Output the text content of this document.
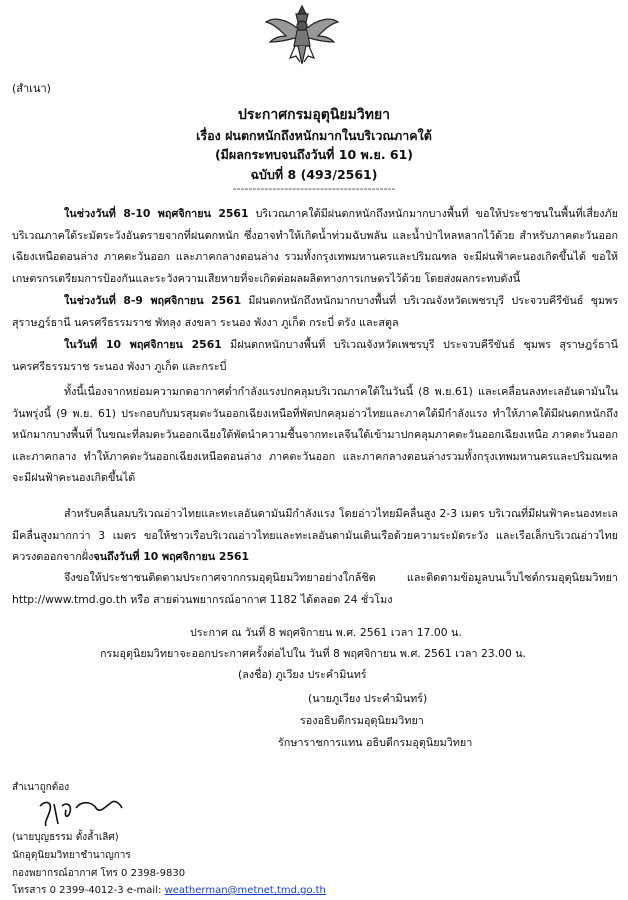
(สำเนา)
ประกาศกรมอุตุนิยมวิทยา
เรื่อง ฝนตกหนักถึงหนักมากในบริเวณภาคใต้
(มีผลกระทบจนถึงวันที่ 10 พ.ย. 61)
ฉบับที่ 8 (493/2561)
-----------------------------------------
ในช่วงวันที่ 8-10 พฤศจิกายน 2561 บริเวณภาคใต้มีฝนตกหนักถึงหนักมากบางพื้นที่ ขอให้ประชาชนในพื้นที่เสี่ยงภัยบริเวณภาคใต้ระมัดระวังอันตรายจากที่ฝนตกหนัก ซึ่งอาจทำให้เกิดน้ำท่วมฉับพลัน และน้ำป่าไหลหลากไว้ด้วย สำหรับภาคตะวันออกเฉียงเหนือตอนล่าง ภาคตะวันออก และภาคกลางตอนล่าง รวมทั้งกรุงเทพมหานครและปริมณฑล จะมีฝนฟ้าคะนองเกิดขึ้นได้ ขอให้เกษตรกรเตรียมการป้องกันและระวังความเสียหายที่จะเกิดต่อผลผลิตทางการเกษตรไว้ด้วย โดยส่งผลกระทบดังนี้
ในช่วงวันที่ 8-9 พฤศจิกายน 2561 มีฝนตกหนักถึงหนักมากบางพื้นที่ บริเวณจังหวัดเพชรบุรี ประจวบคีรีขันธ์ ชุมพร สุราษฎร์ธานี นครศรีธรรมราช พัทลุง สงขลา ระนอง พังงา ภูเก็ต กระบี่ ตรัง และสตูล
ในวันที่ 10 พฤศจิกายน 2561 มีฝนตกหนักบางพื้นที่ บริเวณจังหวัดเพชรบุรี ประจวบคีรีขันธ์ ชุมพร สุราษฎร์ธานี นครศรีธรรมราช ระนอง พังงา ภูเก็ต และกระบี่
ทั้งนี้เนื่องจากหย่อมความกดอากาศต่ำกำลังแรงปกคลุมบริเวณภาคใต้ในวันนี้ (8 พ.ย.61) และเคลื่อนลงทะเลอันดามันในวันพรุ่งนี้ (9 พ.ย. 61) ประกอบกับมรสุมตะวันออกเฉียงเหนือที่พัดปกคลุมอ่าวไทยและภาคใต้มีกำลังแรง ทำให้ภาคใต้มีฝนตกหนักถึงหนักมากบางพื้นที่ ในขณะที่ลมตะวันออกเฉียงใต้พัดนำความชื้นจากทะเลจีนใต้เข้ามาปกคลุมภาคตะวันออกเฉียงเหนือ ภาคตะวันออก และภาคกลาง ทำให้ภาคตะวันออกเฉียงเหนือตอนล่าง ภาคตะวันออก และภาคกลางตอนล่างรวมทั้งกรุงเทพมหานครและปริมณฑลจะมีฝนฟ้าคะนองเกิดขึ้นได้
สำหรับคลื่นลมบริเวณอ่าวไทยและทะเลอันดามันมีกำลังแรง โดยอ่าวไทยมีคลื่นสูง 2-3 เมตร บริเวณที่มีฝนฟ้าคะนองทะเลมีคลื่นสูงมากกว่า 3 เมตร ขอให้ชาวเรือบริเวณอ่าวไทยและทะเลอันดามันเดินเรือด้วยความระมัดระวัง และเรือเล็กบริเวณอ่าวไทยควรงดออกจากฝั่งจนถึงวันที่ 10 พฤศจิกายน 2561
จึงขอให้ประชาชนติดตามประกาศจากกรมอุตุนิยมวิทยาอย่างใกล้ชิด และติดตามข้อมูลบนเว็บไซต์กรมอุตุนิยมวิทยา http://www.tmd.go.th หรือ สายด่วนพยากรณ์อากาศ 1182 ได้ตลอด 24 ชั่วโมง
ประกาศ ณ วันที่ 8 พฤศจิกายน พ.ศ. 2561 เวลา 17.00 น.
กรมอุตุนิยมวิทยาจะออกประกาศครั้งต่อไปใน วันที่ 8 พฤศจิกายน พ.ศ. 2561 เวลา 23.00 น.
(ลงชื่อ) ภูเวียง ประคำมินทร์
(นายภูเวียง ประคำมินทร์)
รองอธิบดีกรมอุตุนิยมวิทยา
รักษาราชการแทน อธิบดีกรมอุตุนิยมวิทยา
สำเนาถูกต้อง
(นายบุญธรรม ตั้งล้ำเลิศ)
นักอุตุนิยมวิทยาชำนาญการ
กองพยากรณ์อากาศ โทร 0 2398-9830
โทรสาร 0 2399-4012-3 e-mail: weatherman@metnet.tmd.go.th
